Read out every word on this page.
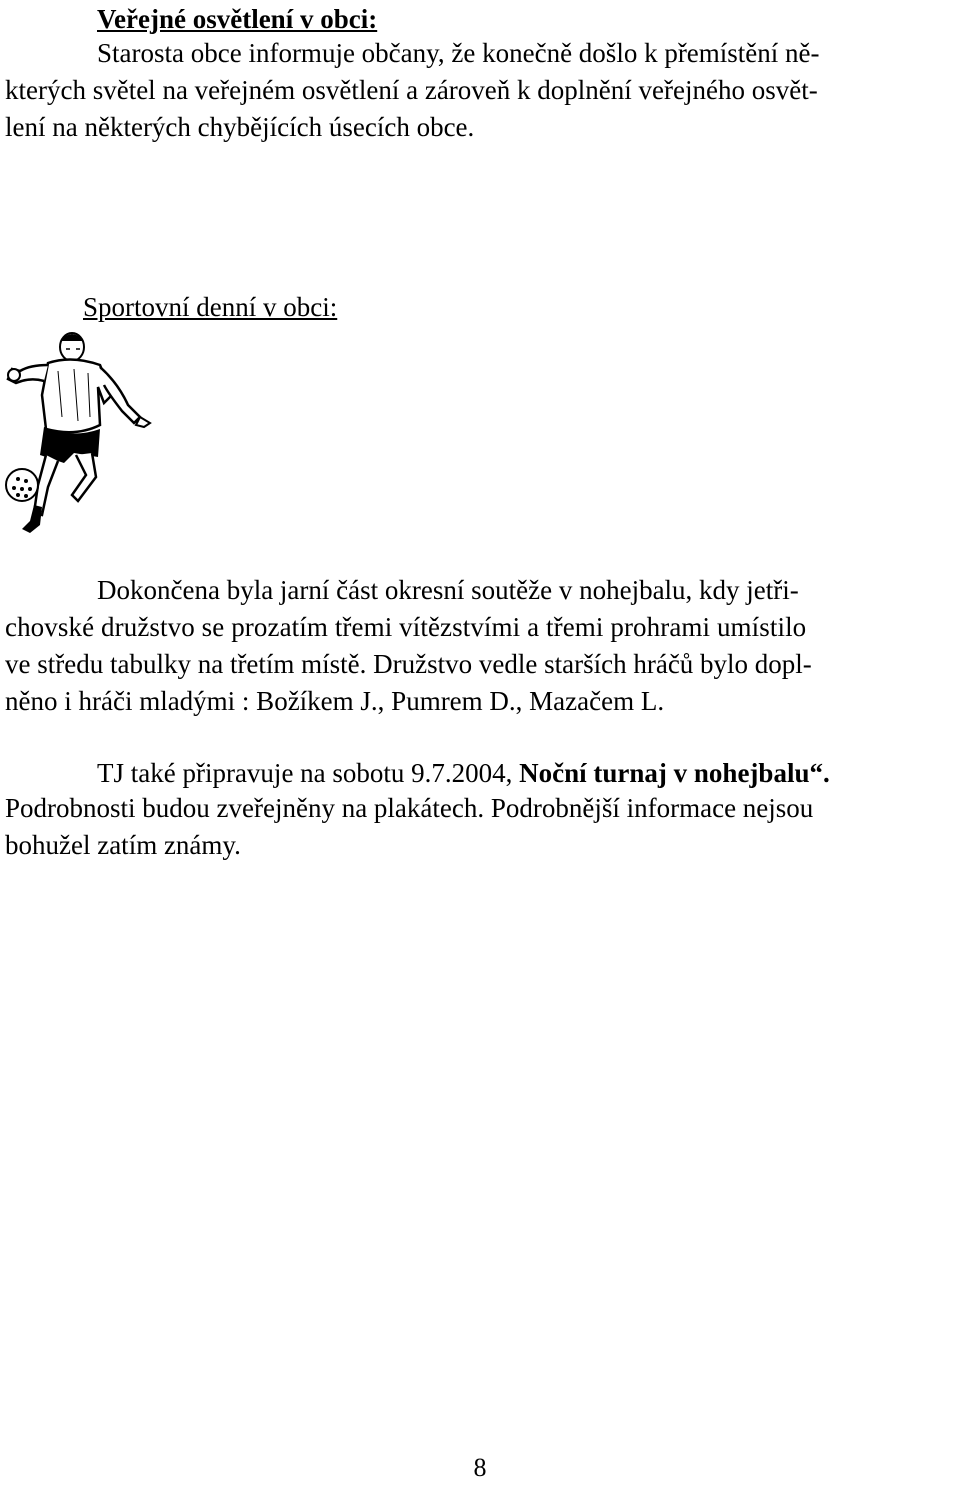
Veřejné osvětlení v obci:
Starosta obce informuje občany, že konečně došlo k přemístění ně-
kterých světel na veřejném osvětlení a zároveň k doplnění veřejného osvět-
lení na některých chybějících úsecích obce.
Sportovní denní v obci:
Dokončena byla jarní část okresní soutěže v nohejbalu, kdy jetři-
chovské družstvo se prozatím třemi vítězstvími a třemi prohrami umístilo
ve středu tabulky na třetím místě. Družstvo vedle starších hráčů bylo dopl-
něno i hráči mladými : Božíkem J., Pumrem D., Mazačem L.
TJ také připravuje na sobotu 9.7.2004, Noční turnaj v nohejbalu“.
Podrobnosti budou zveřejněny na plakátech. Podrobnější informace nejsou
bohužel zatím známy.
8
